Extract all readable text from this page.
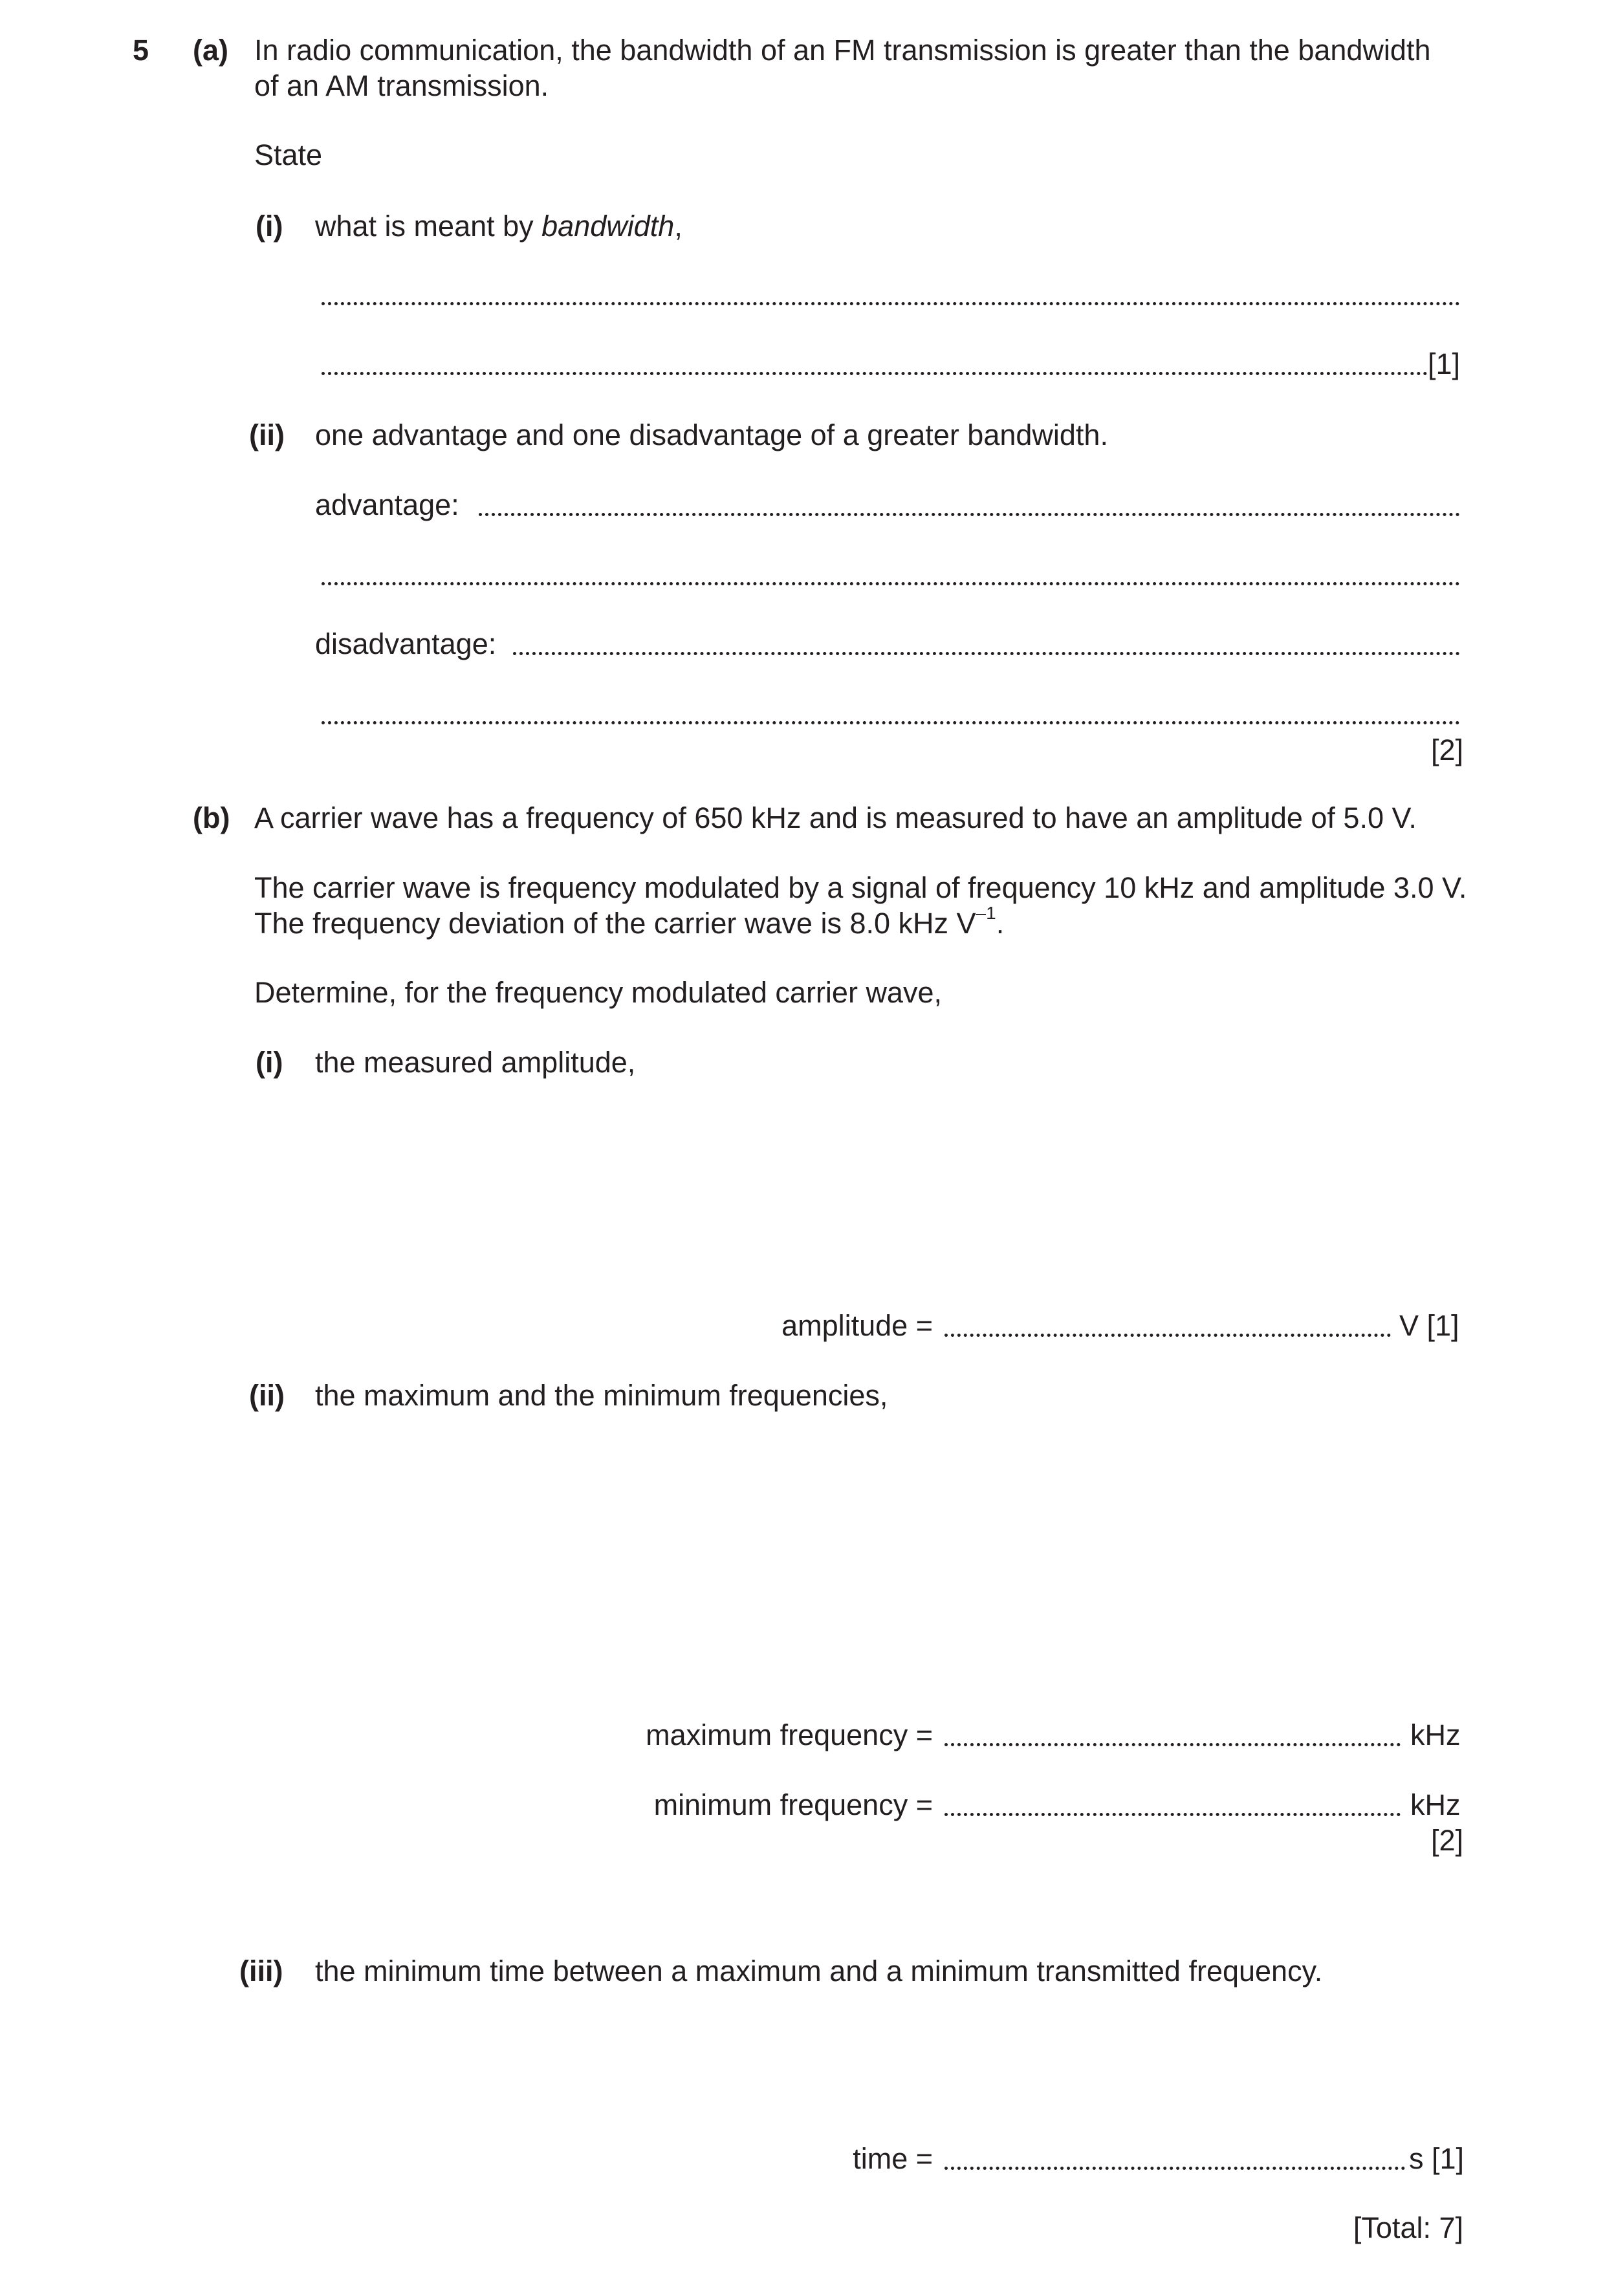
5 (a) In radio communication, the bandwidth of an FM transmission is greater than the bandwidth
of an AM transmission.
State
(i) what is meant by bandwidth,
[1]
(ii) one advantage and one disadvantage of a greater bandwidth.
advantage:
disadvantage:
[2]
(b) A carrier wave has a frequency of 650 kHz and is measured to have an amplitude of 5.0 V.
The carrier wave is frequency modulated by a signal of frequency 10 kHz and amplitude 3.0 V.
The frequency deviation of the carrier wave is 8.0 kHz $V^{-1}$.
Determine, for the frequency modulated carrier wave,
(i) the measured amplitude,
amplitude =	V [1]
(ii) the maximum and the minimum frequencies,
maximum frequency =	kHz
minimum frequency =	kHz
[2]
(iii) the minimum time between a maximum and a minimum transmitted frequency.
time =	s [1]
[Total: 7]
